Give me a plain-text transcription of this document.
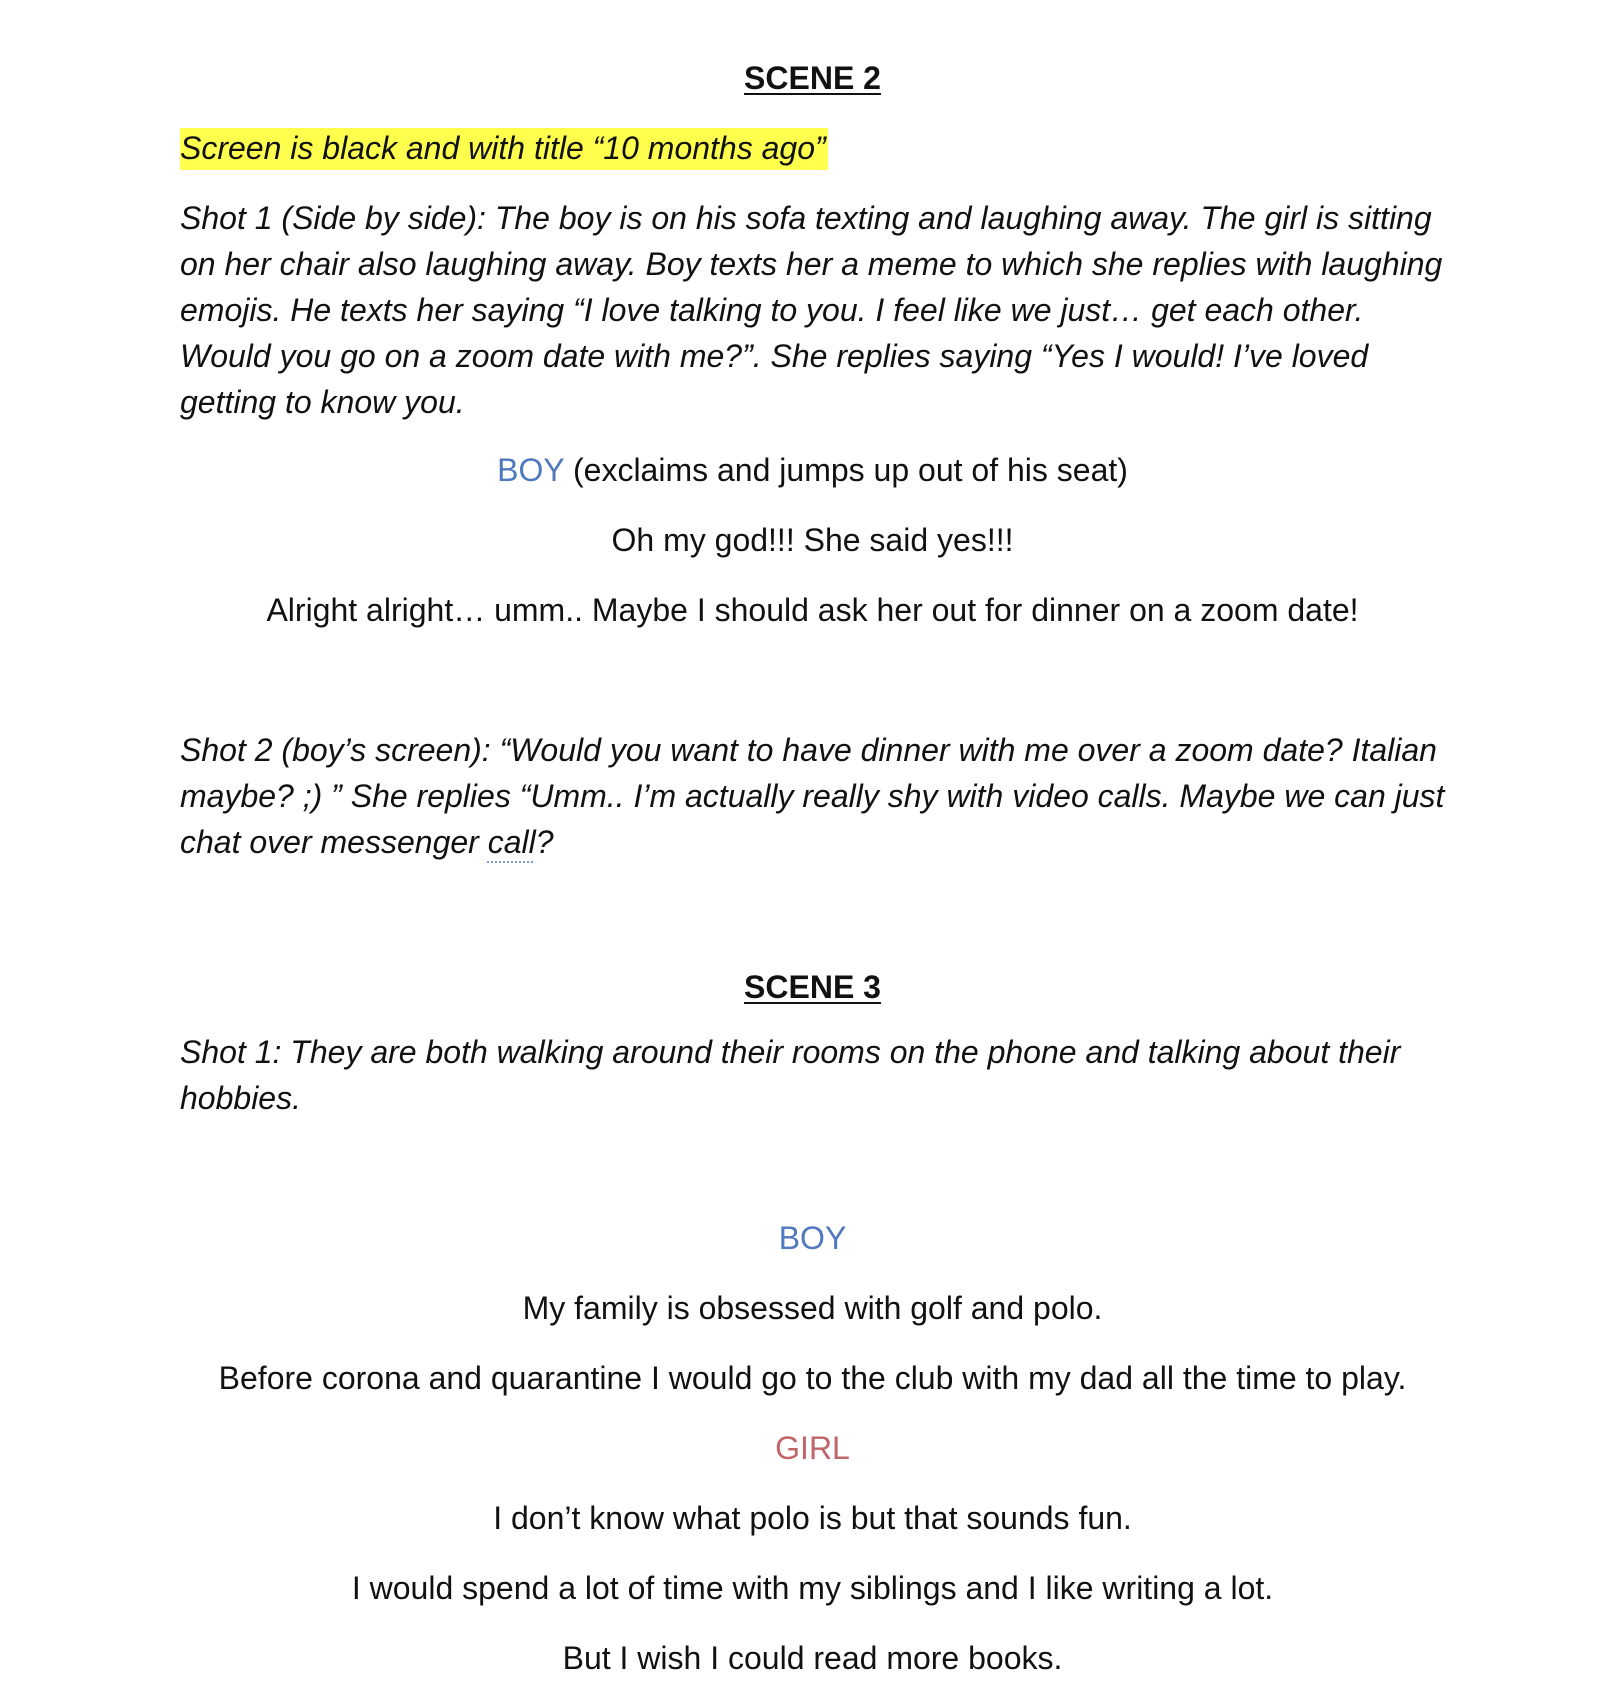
SCENE 2

Screen is black and with title “10 months ago”

Shot 1 (Side by side): The boy is on his sofa texting and laughing away. The girl is sitting on her chair also laughing away. Boy texts her a meme to which she replies with laughing emojis. He texts her saying “I love talking to you. I feel like we just… get each other. Would you go on a zoom date with me?”. She replies saying “Yes I would! I’ve loved getting to know you.

BOY (exclaims and jumps up out of his seat)

Oh my god!!! She said yes!!!

Alright alright… umm.. Maybe I should ask her out for dinner on a zoom date!

Shot 2 (boy’s screen): “Would you want to have dinner with me over a zoom date? Italian maybe? ;) ” She replies “Umm.. I’m actually really shy with video calls. Maybe we can just chat over messenger call?

SCENE 3

Shot 1: They are both walking around their rooms on the phone and talking about their hobbies.

BOY

My family is obsessed with golf and polo.

Before corona and quarantine I would go to the club with my dad all the time to play.

GIRL

I don’t know what polo is but that sounds fun.

I would spend a lot of time with my siblings and I like writing a lot.

But I wish I could read more books.
